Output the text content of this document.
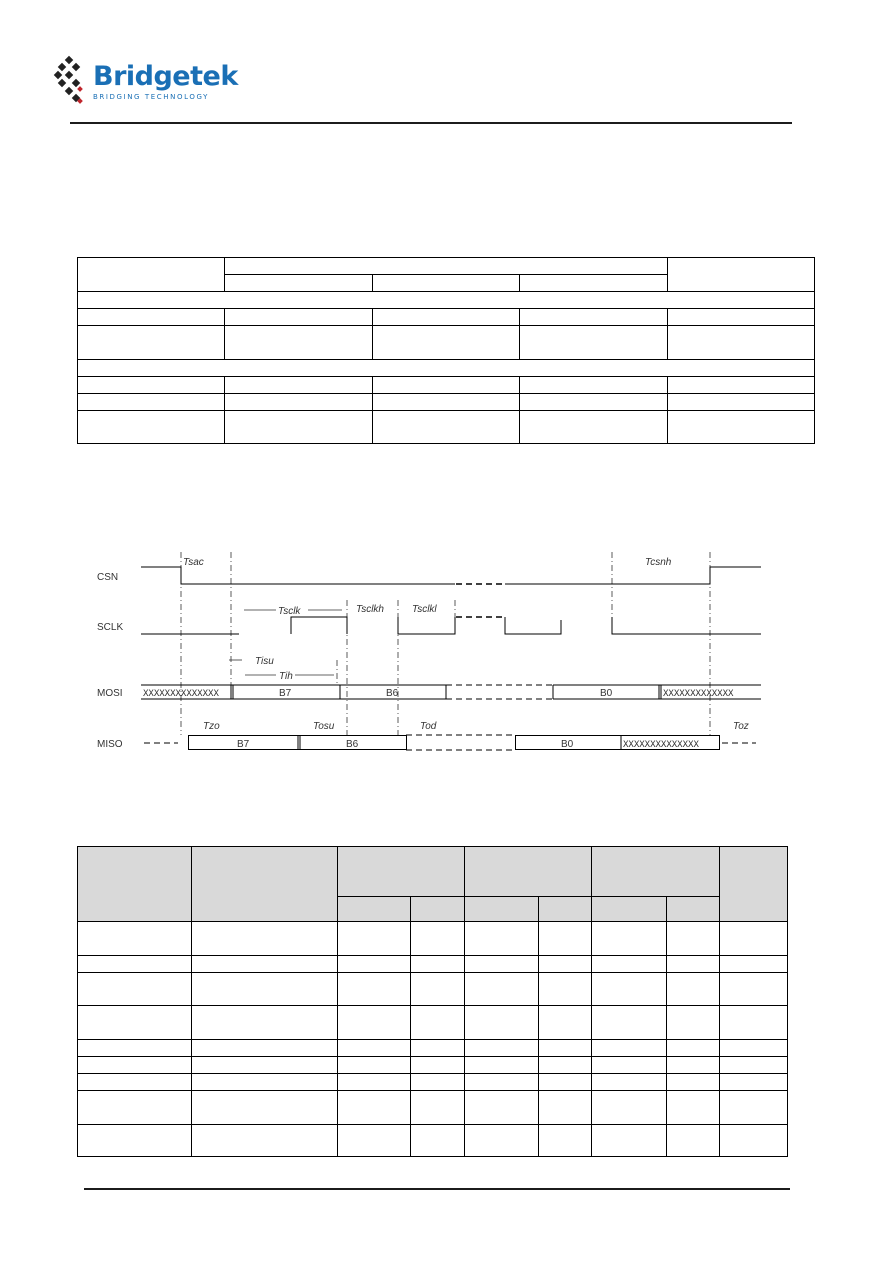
Bridgetek
BRIDGING TECHNOLOGY
CSN
SCLK
MOSI
MISO
XXXXXXXXXXXXXX	B7	B6	B0	XXXXXXXXXXXXX
B7	B6	B0	XXXXXXXXXXXXXX
Tsac	Tcsnh
Tsclk	Tsclkh	Tsclkl
Tisu
Tih
Tzo	Tosu	Tod	Toz
